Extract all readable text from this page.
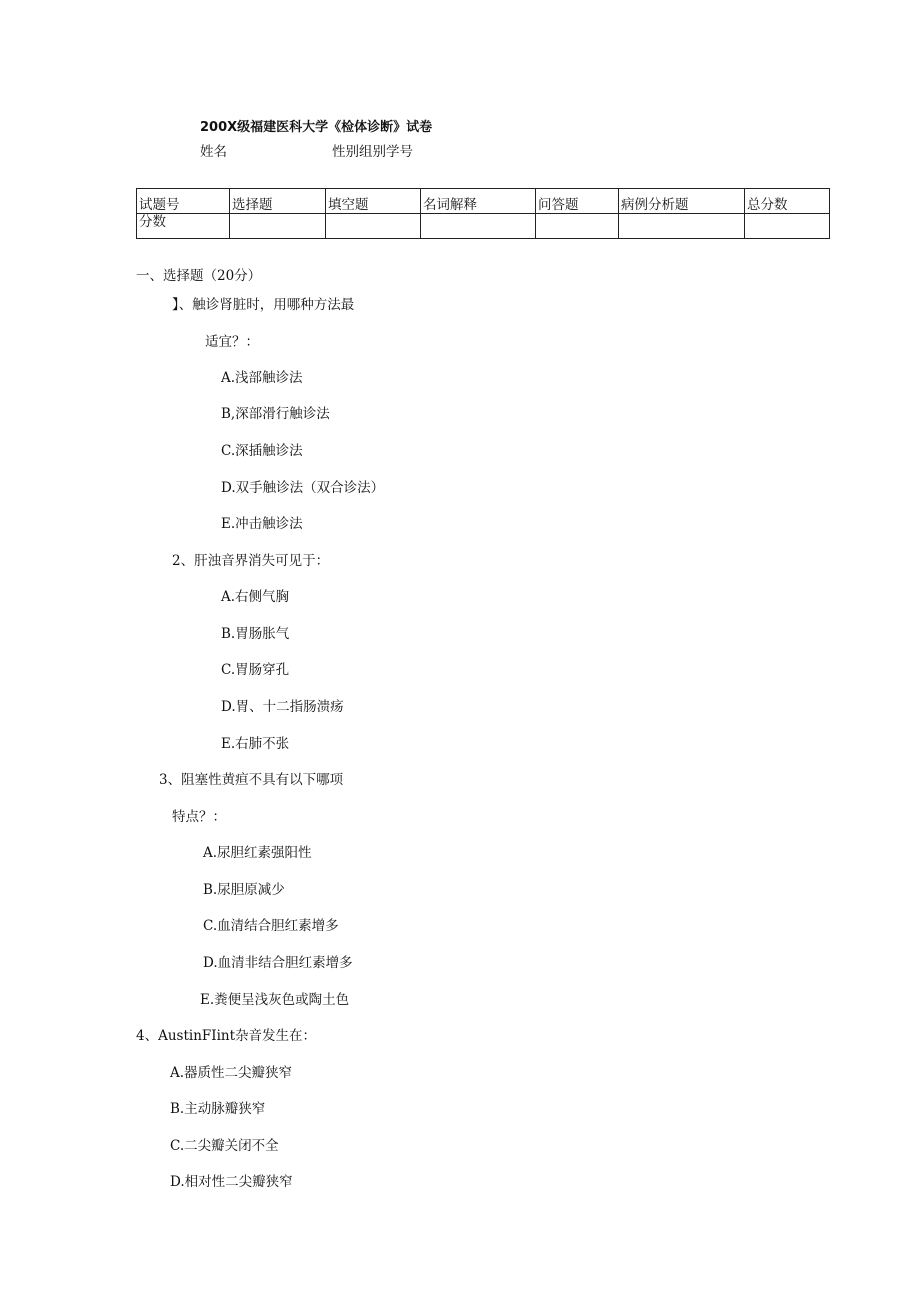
200X级福建医科大学《检体诊断》试卷
姓名	性别组别学号
试题号	选择题	填空题	名词解释	问答题	病例分析题	总分数
分数						
一、选择题（20分）
】、触诊肾脏时，用哪种方法最
适宜？：
A.浅部触诊法
B,深部滑行触诊法
C.深插触诊法
D.双手触诊法（双合诊法）
E.冲击触诊法
2、肝浊音界消失可见于：
A.右侧气胸
B.胃肠胀气
C.胃肠穿孔
D.胃、十二指肠溃疡
E.右肺不张
3、阻塞性黄疸不具有以下哪项
特点？：
A.尿胆红素强阳性
B.尿胆原减少
C.血清结合胆红素增多
D.血清非结合胆红素增多
E.粪便呈浅灰色或陶土色
4、AustinFIint杂音发生在：
A.器质性二尖瓣狭窄
B.主动脉瓣狭窄
C.二尖瓣关闭不全
D.相对性二尖瓣狭窄
